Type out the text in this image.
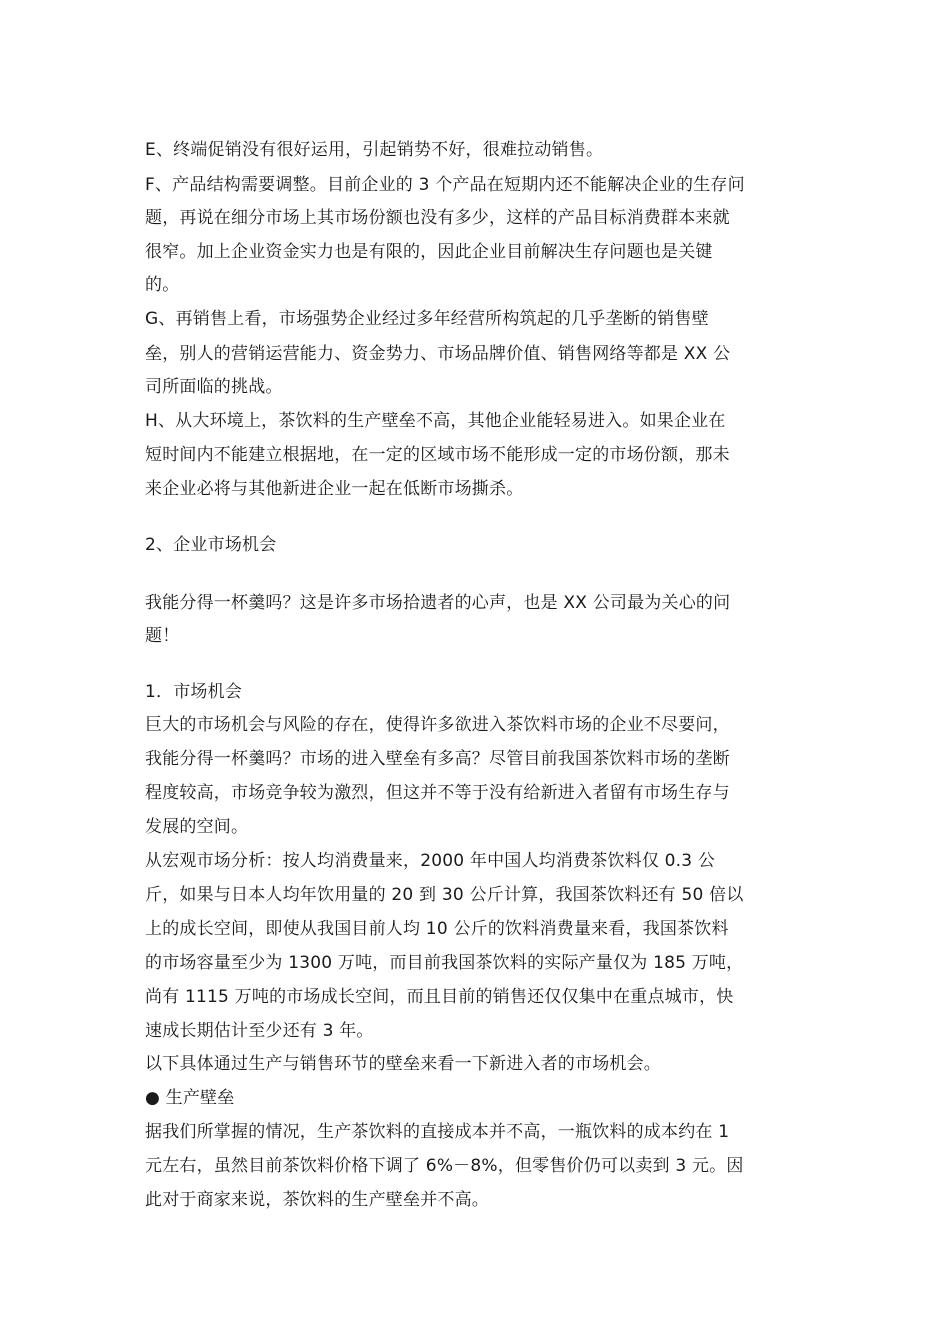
E、终端促销没有很好运用，引起销势不好，很难拉动销售。
F、产品结构需要调整。目前企业的 3 个产品在短期内还不能解决企业的生存问
题，再说在细分市场上其市场份额也没有多少，这样的产品目标消费群本来就
很窄。加上企业资金实力也是有限的，因此企业目前解决生存问题也是关键
的。
G、再销售上看，市场强势企业经过多年经营所构筑起的几乎垄断的销售壁
垒，别人的营销运营能力、资金势力、市场品牌价值、销售网络等都是 XX 公
司所面临的挑战。
H、从大环境上，茶饮料的生产壁垒不高，其他企业能轻易进入。如果企业在
短时间内不能建立根据地，在一定的区域市场不能形成一定的市场份额，那未
来企业必将与其他新进企业一起在低断市场撕杀。
2、企业市场机会
我能分得一杯羹吗？这是许多市场拾遗者的心声，也是 XX 公司最为关心的问
题！
1．市场机会
巨大的市场机会与风险的存在，使得许多欲进入茶饮料市场的企业不尽要问，
我能分得一杯羹吗？市场的进入壁垒有多高？尽管目前我国茶饮料市场的垄断
程度较高，市场竞争较为激烈，但这并不等于没有给新进入者留有市场生存与
发展的空间。
从宏观市场分析：按人均消费量来，2000 年中国人均消费茶饮料仅 0.3 公
斤，如果与日本人均年饮用量的 20 到 30 公斤计算，我国茶饮料还有 50 倍以
上的成长空间，即使从我国目前人均 10 公斤的饮料消费量来看，我国茶饮料
的市场容量至少为 1300 万吨，而目前我国茶饮料的实际产量仅为 185 万吨，
尚有 1115 万吨的市场成长空间，而且目前的销售还仅仅集中在重点城市，快
速成长期估计至少还有 3 年。
以下具体通过生产与销售环节的壁垒来看一下新进入者的市场机会。
● 生产壁垒
据我们所掌握的情况，生产茶饮料的直接成本并不高，一瓶饮料的成本约在 1
元左右，虽然目前茶饮料价格下调了 6%－8%，但零售价仍可以卖到 3 元。因
此对于商家来说，茶饮料的生产壁垒并不高。
